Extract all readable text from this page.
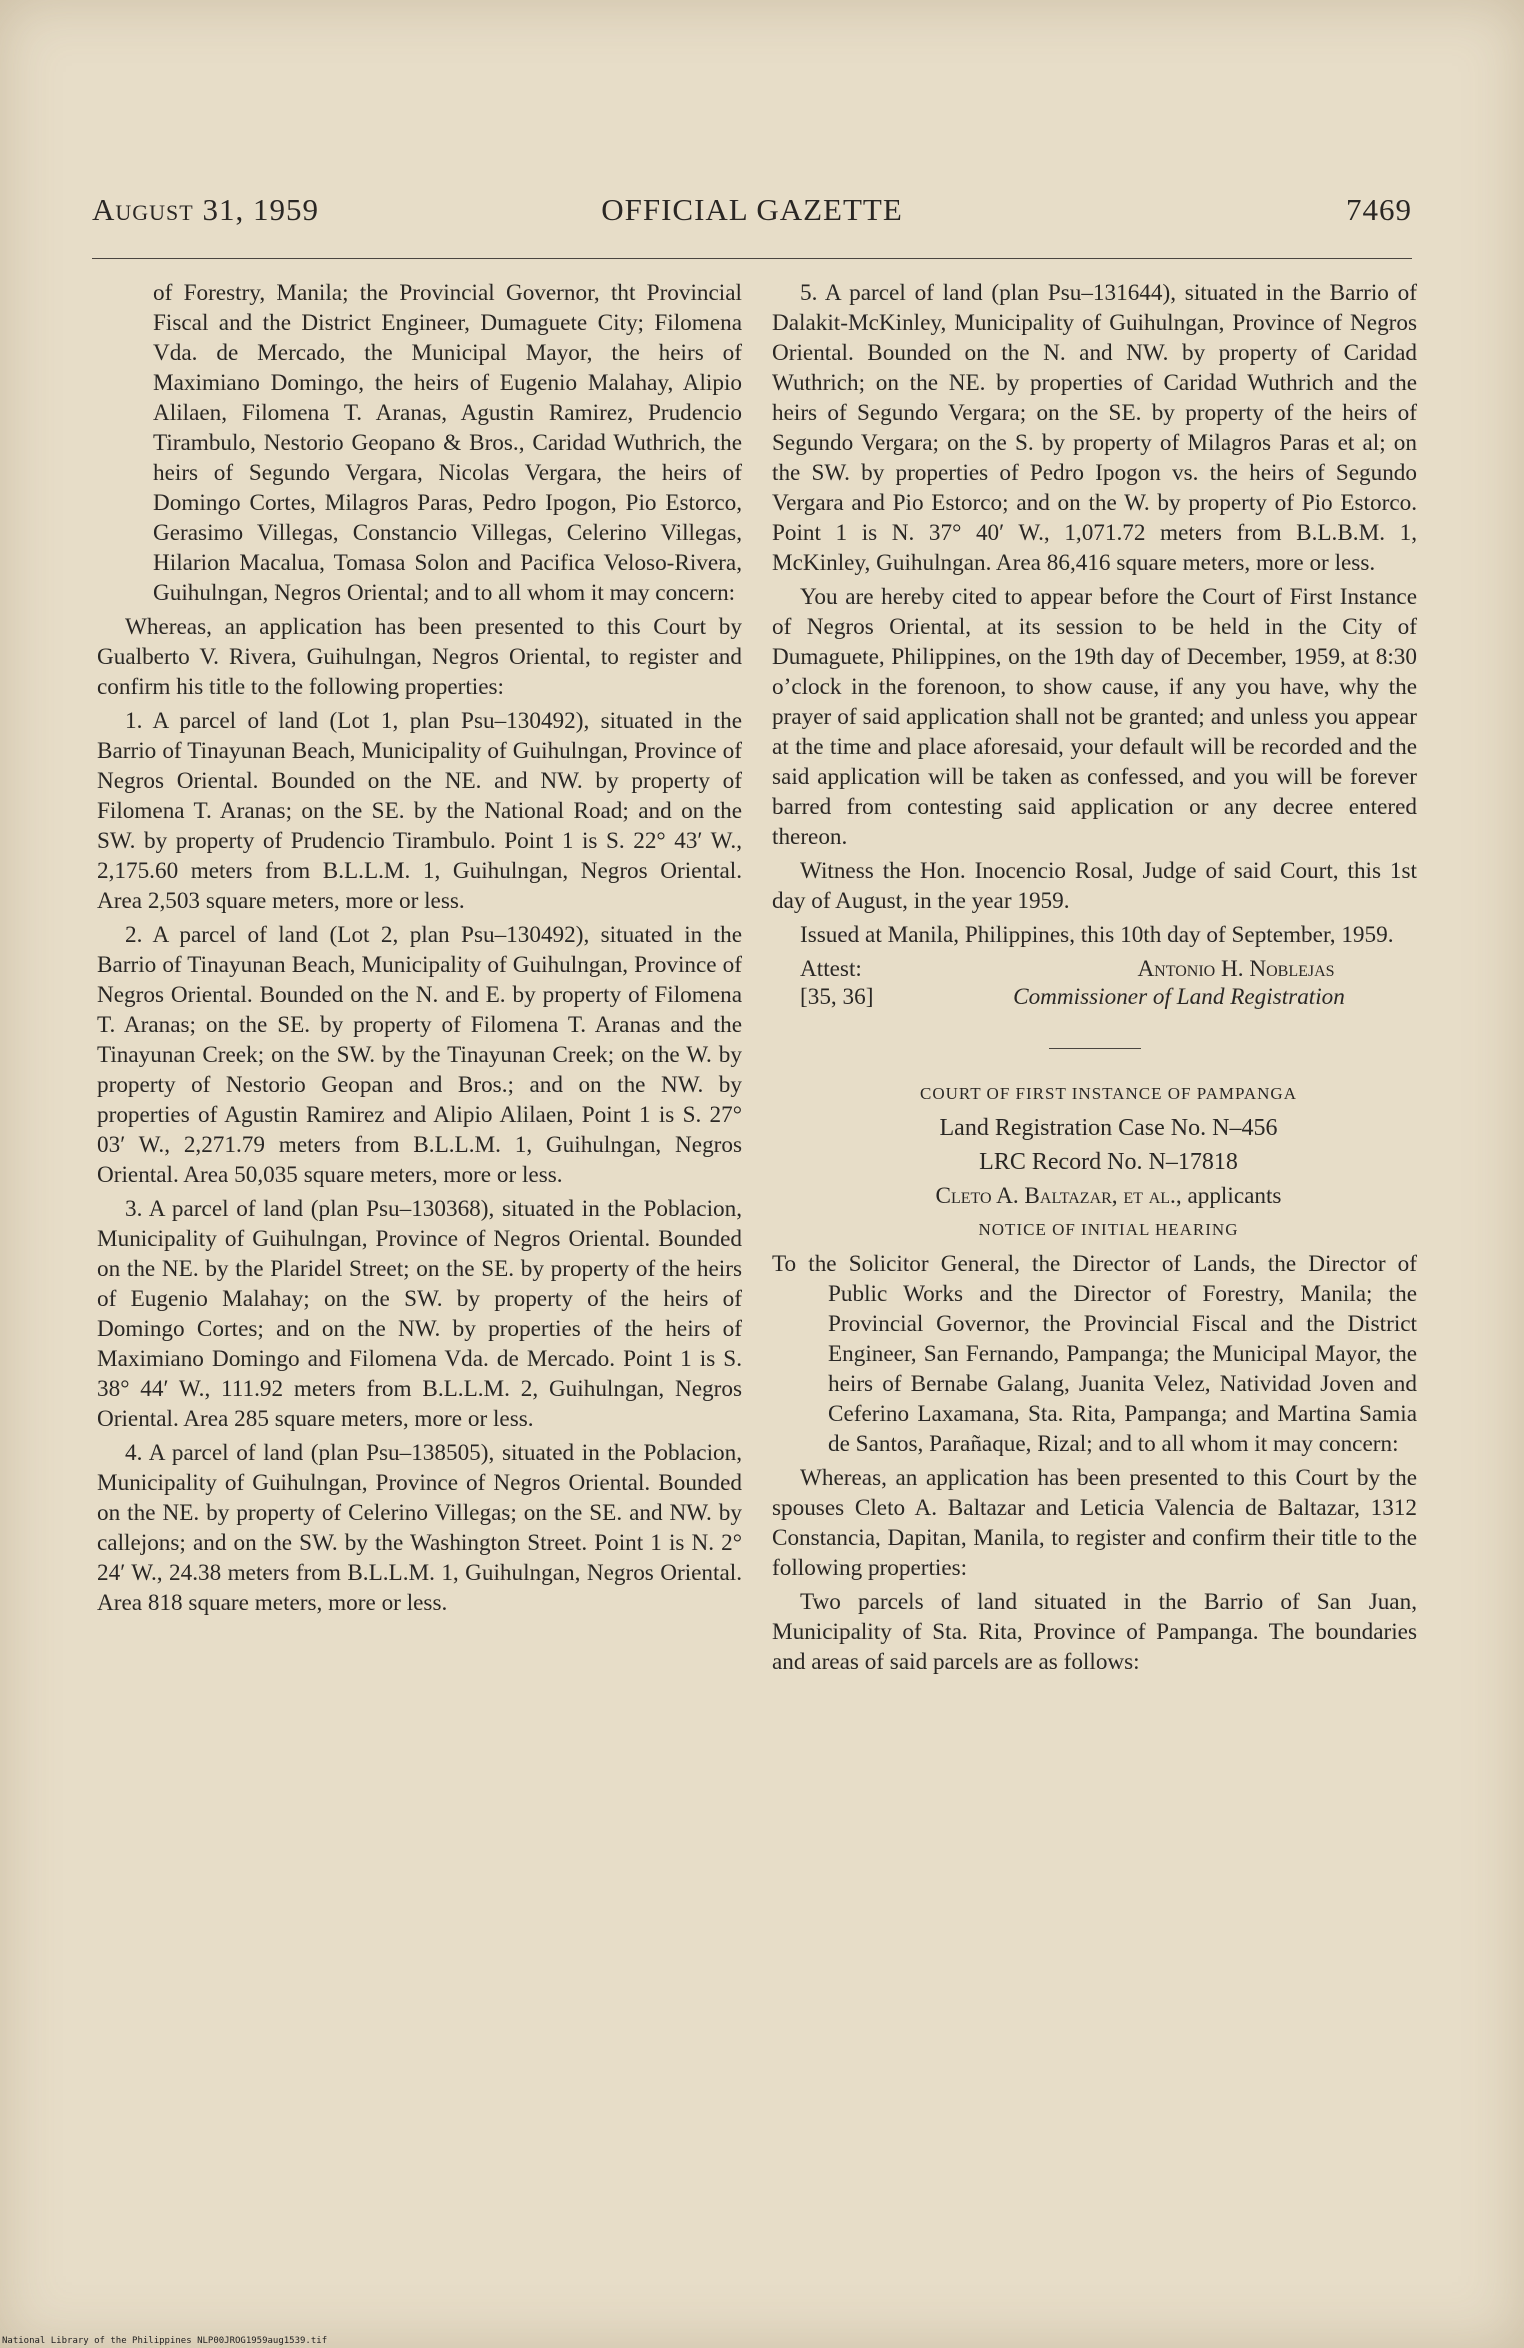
August 31, 1959	OFFICIAL GAZETTE	7469

of Forestry, Manila; the Provincial Governor, tht Provincial Fiscal and the District Engineer, Dumaguete City; Filomena Vda. de Mercado, the Municipal Mayor, the heirs of Maximiano Domingo, the heirs of Eugenio Malahay, Alipio Alilaen, Filomena T. Aranas, Agustin Ramirez, Prudencio Tirambulo, Nestorio Geopano & Bros., Caridad Wuthrich, the heirs of Segundo Vergara, Nicolas Vergara, the heirs of Domingo Cortes, Milagros Paras, Pedro Ipogon, Pio Estorco, Gerasimo Villegas, Constancio Villegas, Celerino Villegas, Hilarion Macalua, Tomasa Solon and Pacifica Veloso-Rivera, Guihulngan, Negros Oriental; and to all whom it may concern:

Whereas, an application has been presented to this Court by Gualberto V. Rivera, Guihulngan, Negros Oriental, to register and confirm his title to the following properties:

1. A parcel of land (Lot 1, plan Psu–130492), situated in the Barrio of Tinayunan Beach, Municipality of Guihulngan, Province of Negros Oriental. Bounded on the NE. and NW. by property of Filomena T. Aranas; on the SE. by the National Road; and on the SW. by property of Prudencio Tirambulo. Point 1 is S. 22° 43′ W., 2,175.60 meters from B.L.L.M. 1, Guihulngan, Negros Oriental. Area 2,503 square meters, more or less.

2. A parcel of land (Lot 2, plan Psu–130492), situated in the Barrio of Tinayunan Beach, Municipality of Guihulngan, Province of Negros Oriental. Bounded on the N. and E. by property of Filomena T. Aranas; on the SE. by property of Filomena T. Aranas and the Tinayunan Creek; on the SW. by the Tinayunan Creek; on the W. by property of Nestorio Geopan and Bros.; and on the NW. by properties of Agustin Ramirez and Alipio Alilaen, Point 1 is S. 27° 03′ W., 2,271.79 meters from B.L.L.M. 1, Guihulngan, Negros Oriental. Area 50,035 square meters, more or less.

3. A parcel of land (plan Psu–130368), situated in the Poblacion, Municipality of Guihulngan, Province of Negros Oriental. Bounded on the NE. by the Plaridel Street; on the SE. by property of the heirs of Eugenio Malahay; on the SW. by property of the heirs of Domingo Cortes; and on the NW. by properties of the heirs of Maximiano Domingo and Filomena Vda. de Mercado. Point 1 is S. 38° 44′ W., 111.92 meters from B.L.L.M. 2, Guihulngan, Negros Oriental. Area 285 square meters, more or less.

4. A parcel of land (plan Psu–138505), situated in the Poblacion, Municipality of Guihulngan, Province of Negros Oriental. Bounded on the NE. by property of Celerino Villegas; on the SE. and NW. by callejons; and on the SW. by the Washington Street. Point 1 is N. 2° 24′ W., 24.38 meters from B.L.L.M. 1, Guihulngan, Negros Oriental. Area 818 square meters, more or less.

5. A parcel of land (plan Psu–131644), situated in the Barrio of Dalakit-McKinley, Municipality of Guihulngan, Province of Negros Oriental. Bounded on the N. and NW. by property of Caridad Wuthrich; on the NE. by properties of Caridad Wuthrich and the heirs of Segundo Vergara; on the SE. by property of the heirs of Segundo Vergara; on the S. by property of Milagros Paras et al; on the SW. by properties of Pedro Ipogon vs. the heirs of Segundo Vergara and Pio Estorco; and on the W. by property of Pio Estorco. Point 1 is N. 37° 40′ W., 1,071.72 meters from B.L.B.M. 1, McKinley, Guihulngan. Area 86,416 square meters, more or less.

You are hereby cited to appear before the Court of First Instance of Negros Oriental, at its session to be held in the City of Dumaguete, Philippines, on the 19th day of December, 1959, at 8:30 o’clock in the forenoon, to show cause, if any you have, why the prayer of said application shall not be granted; and unless you appear at the time and place aforesaid, your default will be recorded and the said application will be taken as confessed, and you will be forever barred from contesting said application or any decree entered thereon.

Witness the Hon. Inocencio Rosal, Judge of said Court, this 1st day of August, in the year 1959.

Issued at Manila, Philippines, this 10th day of September, 1959.

Attest:
[35, 36]
Antonio H. Noblejas
Commissioner of Land Registration

COURT OF FIRST INSTANCE OF PAMPANGA

Land Registration Case No. N–456

LRC Record No. N–17818

Cleto A. Baltazar, et al., applicants

NOTICE OF INITIAL HEARING

To the Solicitor General, the Director of Lands, the Director of Public Works and the Director of Forestry, Manila; the Provincial Governor, the Provincial Fiscal and the District Engineer, San Fernando, Pampanga; the Municipal Mayor, the heirs of Bernabe Galang, Juanita Velez, Natividad Joven and Ceferino Laxamana, Sta. Rita, Pampanga; and Martina Samia de Santos, Parañaque, Rizal; and to all whom it may concern:

Whereas, an application has been presented to this Court by the spouses Cleto A. Baltazar and Leticia Valencia de Baltazar, 1312 Constancia, Dapitan, Manila, to register and confirm their title to the following properties:

Two parcels of land situated in the Barrio of San Juan, Municipality of Sta. Rita, Province of Pampanga. The boundaries and areas of said parcels are as follows:

National Library of the Philippines NLP00JROG1959aug1539.tif
